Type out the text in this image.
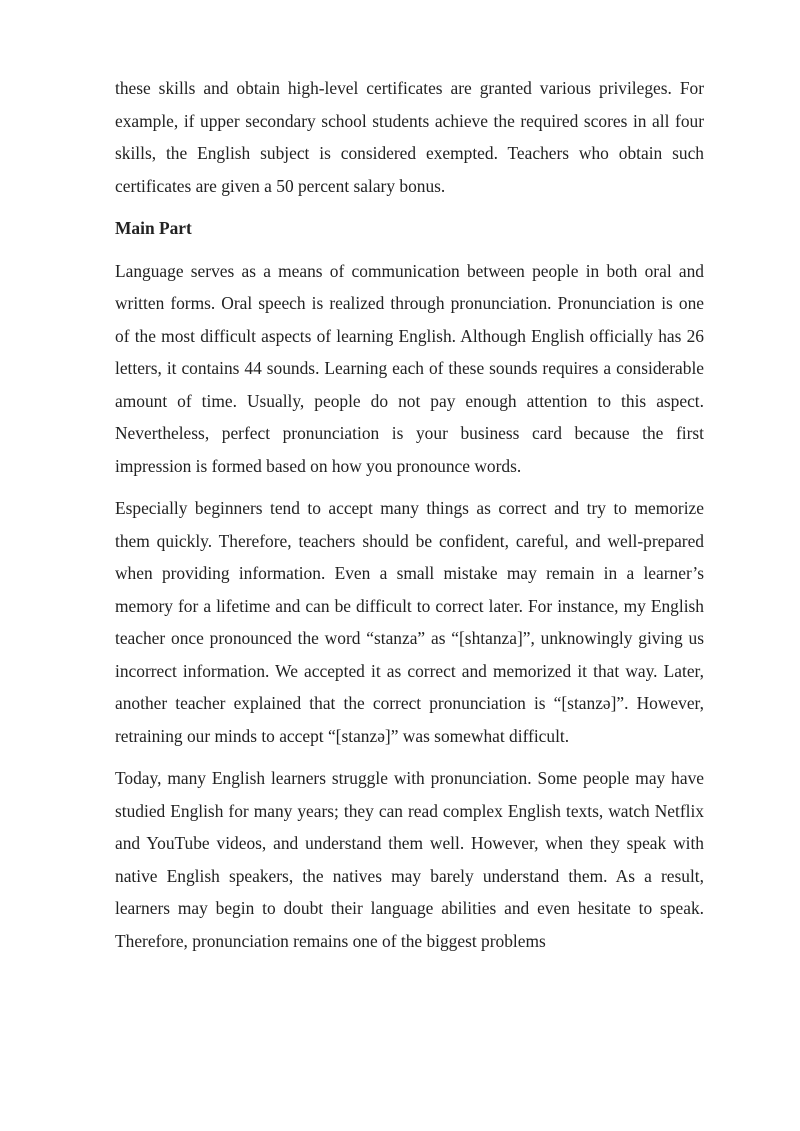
these skills and obtain high-level certificates are granted various privileges. For example, if upper secondary school students achieve the required scores in all four skills, the English subject is considered exempted. Teachers who obtain such certificates are given a 50 percent salary bonus.

Main Part

Language serves as a means of communication between people in both oral and written forms. Oral speech is realized through pronunciation. Pronunciation is one of the most difficult aspects of learning English. Although English officially has 26 letters, it contains 44 sounds. Learning each of these sounds requires a considerable amount of time. Usually, people do not pay enough attention to this aspect. Nevertheless, perfect pronunciation is your business card because the first impression is formed based on how you pronounce words.

Especially beginners tend to accept many things as correct and try to memorize them quickly. Therefore, teachers should be confident, careful, and well-prepared when providing information. Even a small mistake may remain in a learner’s memory for a lifetime and can be difficult to correct later. For instance, my English teacher once pronounced the word “stanza” as “[shtanza]”, unknowingly giving us incorrect information. We accepted it as correct and memorized it that way. Later, another teacher explained that the correct pronunciation is “[stanzə]”. However, retraining our minds to accept “[stanzə]” was somewhat difficult.

Today, many English learners struggle with pronunciation. Some people may have studied English for many years; they can read complex English texts, watch Netflix and YouTube videos, and understand them well. However, when they speak with native English speakers, the natives may barely understand them. As a result, learners may begin to doubt their language abilities and even hesitate to speak. Therefore, pronunciation remains one of the biggest problems
